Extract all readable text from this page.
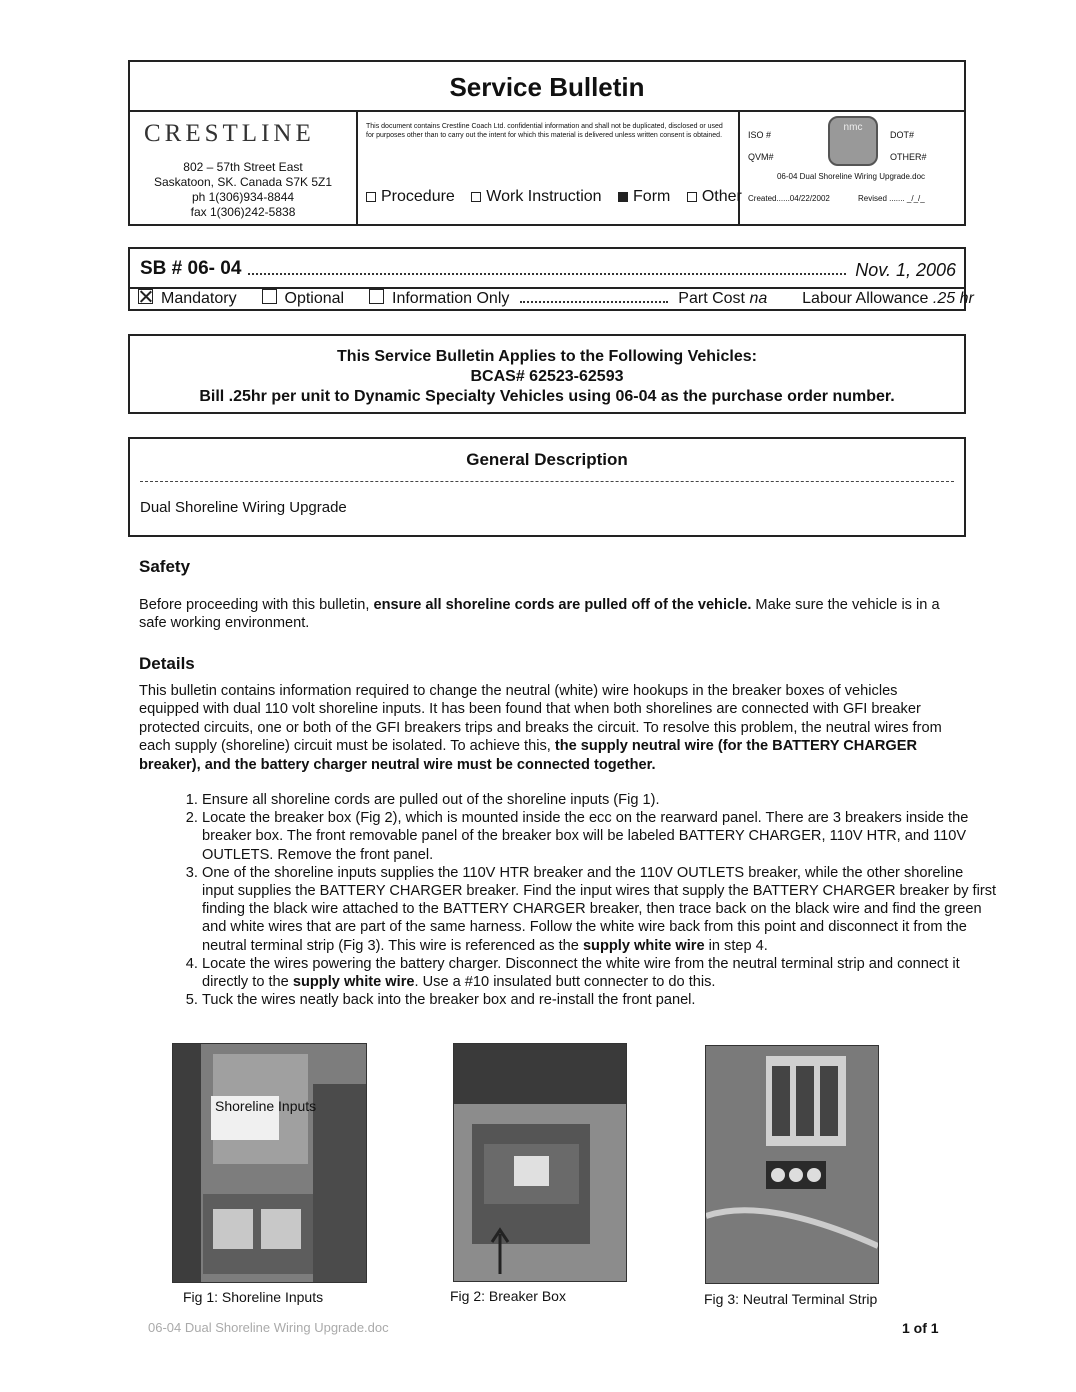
Service Bulletin
CRESTLINE
802 – 57th Street East
Saskatoon, SK. Canada S7K 5Z1
ph 1(306)934-8844
fax 1(306)242-5838
This document contains Crestline Coach Ltd. confidential information and shall not be duplicated, disclosed or used for purposes other than to carry out the intent for which this material is delivered unless written consent is obtained.
Procedure Work Instruction Form Other
ISO #
QVM#
nmc
DOT#
OTHER#
06-04 Dual Shoreline Wiring Upgrade.doc
Created......04/22/2002	Revised ....... _/_/_
SB # 06- 04	Nov. 1, 2006
Mandatory	Optional	Information Only	Part Cost na Labour Allowance .25 hr
This Service Bulletin Applies to the Following Vehicles:
BCAS# 62523-62593
Bill .25hr per unit to Dynamic Specialty Vehicles using 06-04 as the purchase order number.
General Description
Dual Shoreline Wiring Upgrade
Safety
Before proceeding with this bulletin, ensure all shoreline cords are pulled off of the vehicle. Make sure the vehicle is in a safe working environment.
Details
This bulletin contains information required to change the neutral (white) wire hookups in the breaker boxes of vehicles equipped with dual 110 volt shoreline inputs. It has been found that when both shorelines are connected with GFI breaker protected circuits, one or both of the GFI breakers trips and breaks the circuit. To resolve this problem, the neutral wires from each supply (shoreline) circuit must be isolated. To achieve this, the supply neutral wire (for the BATTERY CHARGER breaker), and the battery charger neutral wire must be connected together.
1. Ensure all shoreline cords are pulled out of the shoreline inputs (Fig 1).
2. Locate the breaker box (Fig 2), which is mounted inside the ecc on the rearward panel. There are 3 breakers inside the breaker box. The front removable panel of the breaker box will be labeled BATTERY CHARGER, 110V HTR, and 110V OUTLETS. Remove the front panel.
3. One of the shoreline inputs supplies the 110V HTR breaker and the 110V OUTLETS breaker, while the other shoreline input supplies the BATTERY CHARGER breaker. Find the input wires that supply the BATTERY CHARGER breaker by first finding the black wire attached to the BATTERY CHARGER breaker, then trace back on the black wire and find the green and white wires that are part of the same harness. Follow the white wire back from this point and disconnect it from the neutral terminal strip (Fig 3). This wire is referenced as the supply white wire in step 4.
4. Locate the wires powering the battery charger. Disconnect the white wire from the neutral terminal strip and connect it directly to the supply white wire. Use a #10 insulated butt connecter to do this.
5. Tuck the wires neatly back into the breaker box and re-install the front panel.
Shoreline Inputs
Fig 1: Shoreline Inputs	Fig 2: Breaker Box	Fig 3: Neutral Terminal Strip
06-04 Dual Shoreline Wiring Upgrade.doc	1 of 1
